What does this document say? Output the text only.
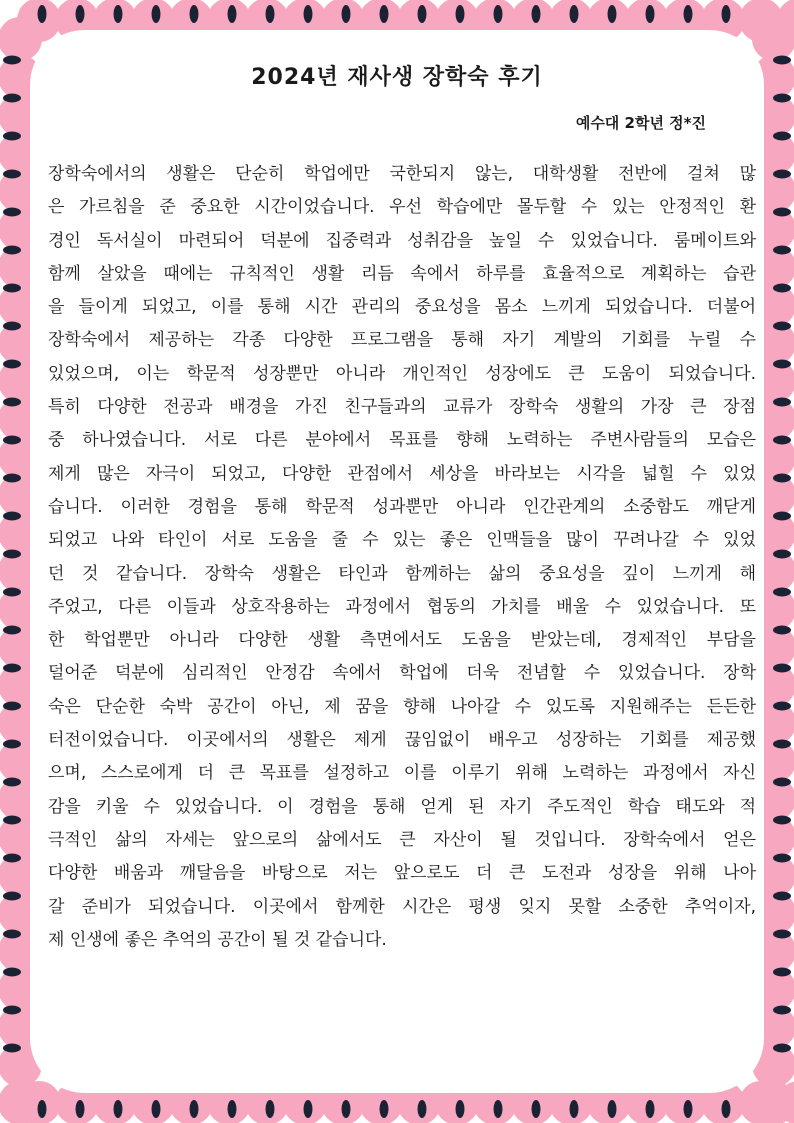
2024년 재사생 장학숙 후기
예수대 2학년 정*진
장학숙에서의 생활은 단순히 학업에만 국한되지 않는, 대학생활 전반에 걸쳐 많
은 가르침을 준 중요한 시간이었습니다. 우선 학습에만 몰두할 수 있는 안정적인 환
경인 독서실이 마련되어 덕분에 집중력과 성취감을 높일 수 있었습니다. 룸메이트와
함께 살았을 때에는 규칙적인 생활 리듬 속에서 하루를 효율적으로 계획하는 습관
을 들이게 되었고, 이를 통해 시간 관리의 중요성을 몸소 느끼게 되었습니다. 더불어
장학숙에서 제공하는 각종 다양한 프로그램을 통해 자기 계발의 기회를 누릴 수
있었으며, 이는 학문적 성장뿐만 아니라 개인적인 성장에도 큰 도움이 되었습니다.
특히 다양한 전공과 배경을 가진 친구들과의 교류가 장학숙 생활의 가장 큰 장점
중 하나였습니다. 서로 다른 분야에서 목표를 향해 노력하는 주변사람들의 모습은
제게 많은 자극이 되었고, 다양한 관점에서 세상을 바라보는 시각을 넓힐 수 있었
습니다. 이러한 경험을 통해 학문적 성과뿐만 아니라 인간관계의 소중함도 깨닫게
되었고 나와 타인이 서로 도움을 줄 수 있는 좋은 인맥들을 많이 꾸려나갈 수 있었
던 것 같습니다. 장학숙 생활은 타인과 함께하는 삶의 중요성을 깊이 느끼게 해
주었고, 다른 이들과 상호작용하는 과정에서 협동의 가치를 배울 수 있었습니다. 또
한 학업뿐만 아니라 다양한 생활 측면에서도 도움을 받았는데, 경제적인 부담을
덜어준 덕분에 심리적인 안정감 속에서 학업에 더욱 전념할 수 있었습니다. 장학
숙은 단순한 숙박 공간이 아닌, 제 꿈을 향해 나아갈 수 있도록 지원해주는 든든한
터전이었습니다. 이곳에서의 생활은 제게 끊임없이 배우고 성장하는 기회를 제공했
으며, 스스로에게 더 큰 목표를 설정하고 이를 이루기 위해 노력하는 과정에서 자신
감을 키울 수 있었습니다. 이 경험을 통해 얻게 된 자기 주도적인 학습 태도와 적
극적인 삶의 자세는 앞으로의 삶에서도 큰 자산이 될 것입니다. 장학숙에서 얻은
다양한 배움과 깨달음을 바탕으로 저는 앞으로도 더 큰 도전과 성장을 위해 나아
갈 준비가 되었습니다. 이곳에서 함께한 시간은 평생 잊지 못할 소중한 추억이자,
제 인생에 좋은 추억의 공간이 될 것 같습니다.
